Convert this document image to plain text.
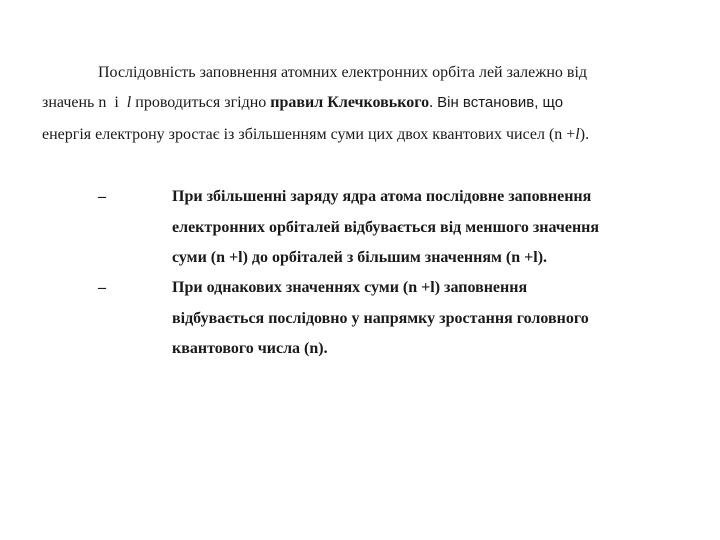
Послідовність заповнення атомних електронних орбіта лей залежно від
значень n  і  l проводиться згідно правил Клечковького. Він встановив, що
енергія електрону зростає із збільшенням суми цих двох квантових чисел (n +l).
–	При збільшенні заряду ядра атома послідовне заповнення
електронних орбіталей відбувається від меншого значення
суми (n +l) до орбіталей з більшим значенням (n +l).
–	При однакових значеннях суми (n +l) заповнення
відбувається послідовно у напрямку зростання головного
квантового числа (n).
